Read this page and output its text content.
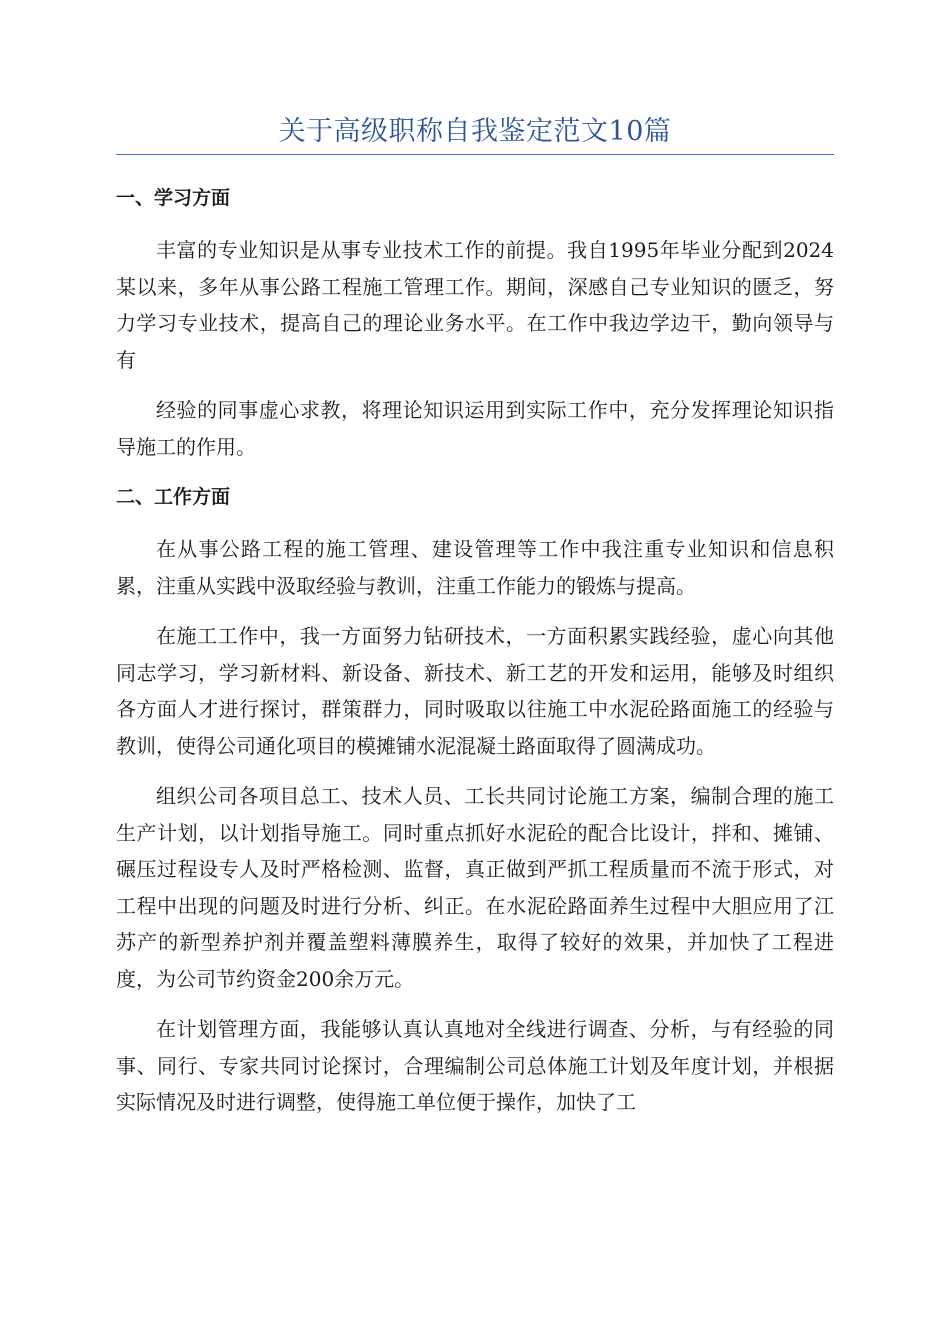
关于高级职称自我鉴定范文10篇
一、学习方面

丰富的专业知识是从事专业技术工作的前提。我自1995年毕业分配到2024某以来，多年从事公路工程施工管理工作。期间，深感自己专业知识的匮乏，努力学习专业技术，提高自己的理论业务水平。在工作中我边学边干，勤向领导与有

经验的同事虚心求教，将理论知识运用到实际工作中，充分发挥理论知识指导施工的作用。

二、工作方面

在从事公路工程的施工管理、建设管理等工作中我注重专业知识和信息积累，注重从实践中汲取经验与教训，注重工作能力的锻炼与提高。

在施工工作中，我一方面努力钻研技术，一方面积累实践经验，虚心向其他同志学习，学习新材料、新设备、新技术、新工艺的开发和运用，能够及时组织各方面人才进行探讨，群策群力，同时吸取以往施工中水泥砼路面施工的经验与教训，使得公司通化项目的模摊铺水泥混凝土路面取得了圆满成功。

组织公司各项目总工、技术人员、工长共同讨论施工方案，编制合理的施工生产计划，以计划指导施工。同时重点抓好水泥砼的配合比设计，拌和、摊铺、碾压过程设专人及时严格检测、监督，真正做到严抓工程质量而不流于形式，对工程中出现的问题及时进行分析、纠正。在水泥砼路面养生过程中大胆应用了江苏产的新型养护剂并覆盖塑料薄膜养生，取得了较好的效果，并加快了工程进度，为公司节约资金200余万元。

在计划管理方面，我能够认真认真地对全线进行调查、分析，与有经验的同事、同行、专家共同讨论探讨，合理编制公司总体施工计划及年度计划，并根据实际情况及时进行调整，使得施工单位便于操作，加快了工
